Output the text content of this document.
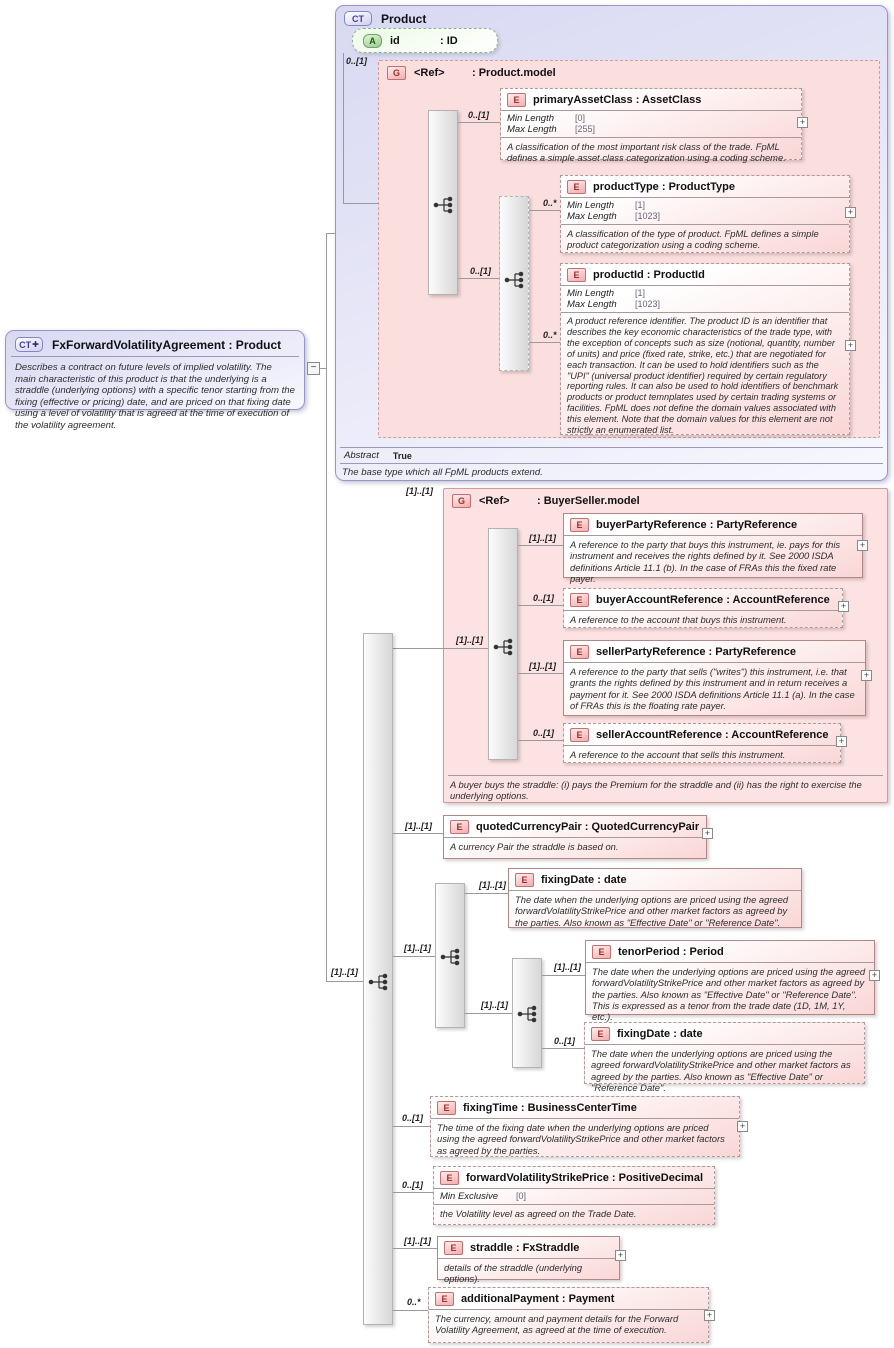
CT ✚	FxForwardVolatilityAgreement : Product
Describes a contract on future levels of implied volatility. The main characteristic of this product is that the underlying is a straddle (underlying options) with a specific tenor starting from the fixing (effective or pricing) date, and are priced on that fixing date using a level of volatility that is agreed at the time of execution of the volatility agreement.
−
CT	Product
Abstract True
The base type which all FpML products extend.
A	id	: ID
0..[1]
G	<Ref>	: Product.model
0..[1]
0..[1]
E	primaryAssetClass : AssetClass
Min Length	[0]
Max Length	[255]
A classification of the most important risk class of the trade. FpML defines a simple asset class categorization using a coding scheme.
+
0..*
0..*
E	productType : ProductType
Min Length	[1]
Max Length	[1023]
A classification of the type of product. FpML defines a simple product categorization using a coding scheme.
+
E	productId : ProductId
Min Length	[1]
Max Length	[1023]
A product reference identifier. The product ID is an identifier that describes the key economic characteristics of the trade type, with the exception of concepts such as size (notional, quantity, number of units) and price (fixed rate, strike, etc.) that are negotiated for each transaction. It can be used to hold identifiers such as the "UPI" (universal product identifier) required by certain regulatory reporting rules. It can also be used to hold identifiers of benchmark products or product temnplates used by certain trading systems or facilities. FpML does not define the domain values associated with this element. Note that the domain values for this element are not strictly an enumerated list.
+
[1]..[1]
G	<Ref>	: BuyerSeller.model
A buyer buys the straddle: (i) pays the Premium for the straddle and (ii) has the right to exercise the underlying options.
[1]..[1]
[1]..[1]
E	buyerPartyReference : PartyReference
A reference to the party that buys this instrument, ie. pays for this instrument and receives the rights defined by it. See 2000 ISDA definitions Article 11.1 (b). In the case of FRAs this the fixed rate payer.
+
0..[1]	E	buyerAccountReference : AccountReference
A reference to the account that buys this instrument.
+
[1]..[1]
E	sellerPartyReference : PartyReference
A reference to the party that sells ("writes") this instrument, i.e. that grants the rights defined by this instrument and in return receives a payment for it. See 2000 ISDA definitions Article 11.1 (a). In the case of FRAs this is the floating rate payer.
+
0..[1]	E	sellerAccountReference : AccountReference
A reference to the account that sells this instrument.
+
[1]..[1]
[1]..[1]	E	quotedCurrencyPair : QuotedCurrencyPair
A currency Pair the straddle is based on.
+
[1]..[1]
[1]..[1]	E	fixingDate : date
The date when the underlying options are priced using the agreed forwardVolatilityStrikePrice and other market factors as agreed by the parties. Also known as "Effective Date" or "Reference Date".
[1]..[1]
[1]..[1]
E	tenorPeriod : Period
The date when the underlying options are priced using the agreed forwardVolatilityStrikePrice and other market factors as agreed by the parties. Also known as "Effective Date" or "Reference Date". This is expressed as a tenor from the trade date (1D, 1M, 1Y, etc.).
+
0..[1]
E	fixingDate : date
The date when the underlying options are priced using the agreed forwardVolatilityStrikePrice and other market factors as agreed by the parties. Also known as "Effective Date" or "Reference Date".
0..[1]
E	fixingTime : BusinessCenterTime
The time of the fixing date when the underlying options are priced using the agreed forwardVolatilityStrikePrice and other market factors as agreed by the parties.
+
0..[1]
E	forwardVolatilityStrikePrice : PositiveDecimal
Min Exclusive	[0]
the Volatility level as agreed on the Trade Date.
[1]..[1]
E	straddle : FxStraddle
details of the straddle (underlying options).
+
0..*	E	additionalPayment : Payment
The currency, amount and payment details for the Forward Volatility Agreement, as agreed at the time of execution.
+
